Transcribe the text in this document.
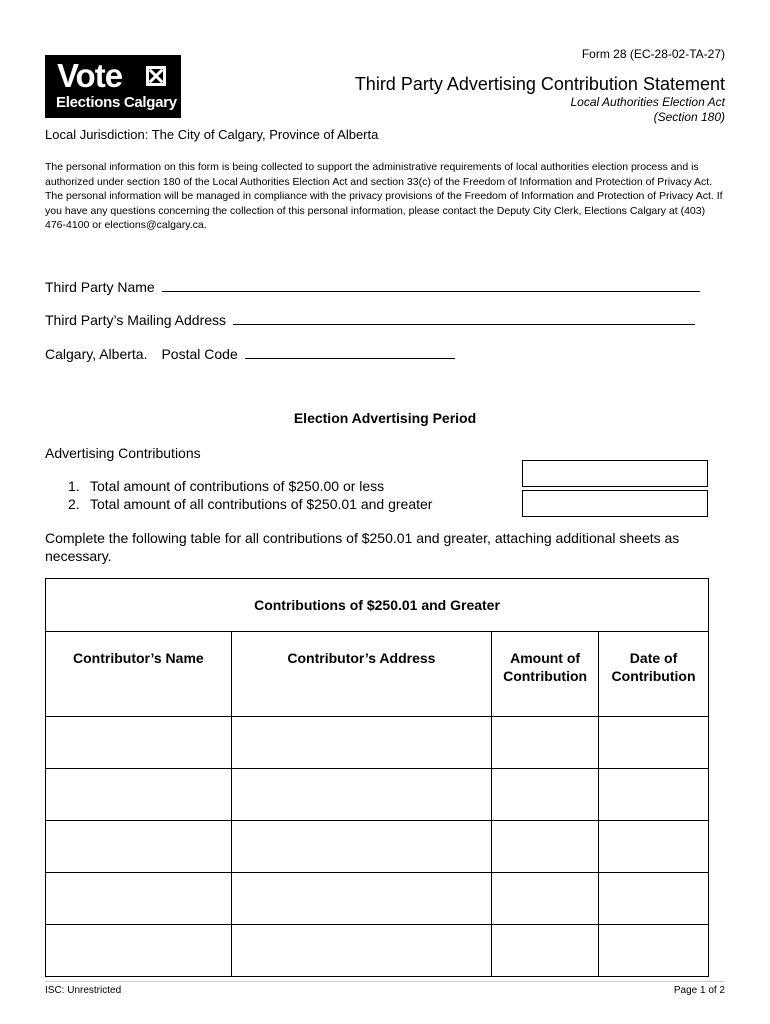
Form 28 (EC-28-02-TA-27)
Vote
Elections Calgary
Third Party Advertising Contribution Statement
Local Authorities Election Act
(Section 180)
Local Jurisdiction: The City of Calgary, Province of Alberta
The personal information on this form is being collected to support the administrative requirements of local authorities election process and is authorized under section 180 of the Local Authorities Election Act and section 33(c) of the Freedom of Information and Protection of Privacy Act. The personal information will be managed in compliance with the privacy provisions of the Freedom of Information and Protection of Privacy Act. If you have any questions concerning the collection of this personal information, please contact the Deputy City Clerk, Elections Calgary at (403) 476-4100 or elections@calgary.ca.
Third Party Name
Third Party’s Mailing Address
Calgary, Alberta. Postal Code
Election Advertising Period
Advertising Contributions
1. Total amount of contributions of $250.00 or less
2. Total amount of all contributions of $250.01 and greater
Complete the following table for all contributions of $250.01 and greater, attaching additional sheets as necessary.
Contributions of $250.01 and Greater			
Contributor’s Name	Contributor’s Address	Amount of Contribution	Date of Contribution

ISC: Unrestricted	Page 1 of 2
